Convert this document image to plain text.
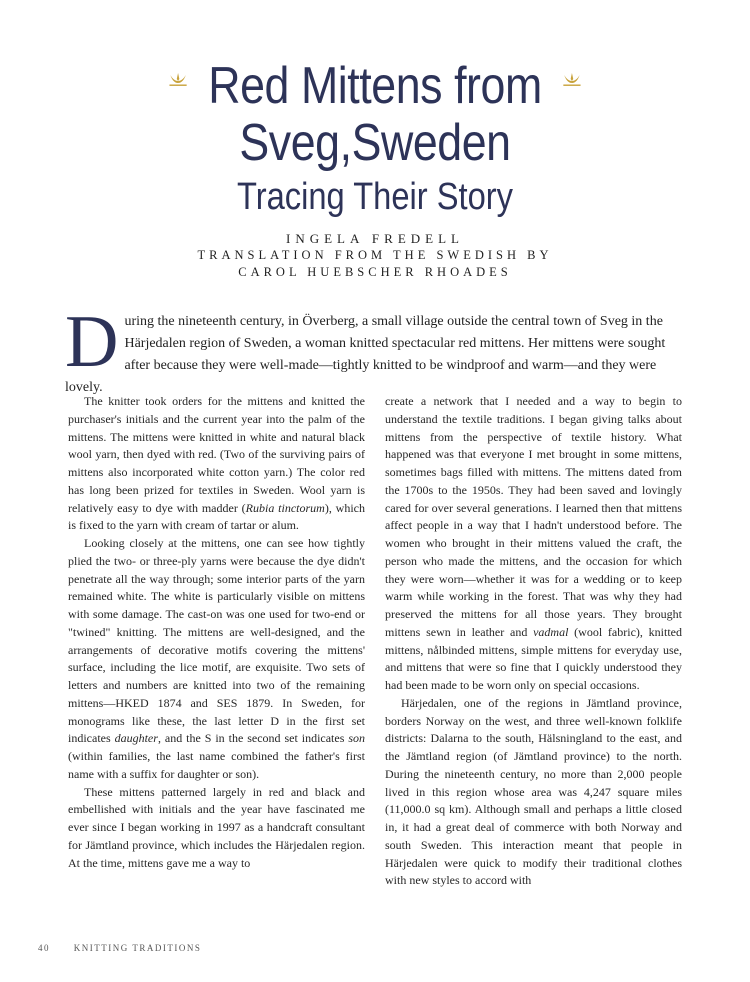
Red Mittens from
Sveg,Sweden
Tracing Their Story
INGELA FREDELL
TRANSLATION FROM THE SWEDISH BY
CAROL HUEBSCHER RHOADES
D uring the nineteenth century, in Överberg, a small village outside the central town of Sveg in the Härjedalen region of Sweden, a woman knitted spectacular red mittens. Her mittens were sought after because they were well-made—tightly knitted to be windproof and warm—and they were lovely.

The knitter took orders for the mittens and knitted the purchaser's initials and the current year into the palm of the mittens. The mittens were knitted in white and natural black wool yarn, then dyed with red. (Two of the surviving pairs of mittens also incorporated white cotton yarn.) The color red has long been prized for textiles in Sweden. Wool yarn is relatively easy to dye with madder (Rubia tinctorum), which is fixed to the yarn with cream of tartar or alum.

Looking closely at the mittens, one can see how tightly plied the two- or three-ply yarns were because the dye didn't penetrate all the way through; some interior parts of the yarn remained white. The white is particularly visible on mittens with some damage. The cast-on was one used for two-end or "twined" knitting. The mittens are well-designed, and the arrangements of decorative motifs covering the mittens' surface, including the lice motif, are exquisite. Two sets of letters and numbers are knitted into two of the remaining mittens—HKED 1874 and SES 1879. In Sweden, for monograms like these, the last letter D in the first set indicates daughter, and the S in the second set indicates son (within families, the last name combined the father's first name with a suffix for daughter or son).

These mittens patterned largely in red and black and embellished with initials and the year have fascinated me ever since I began working in 1997 as a handcraft consultant for Jämtland province, which includes the Härjedalen region. At the time, mittens gave me a way to

create a network that I needed and a way to begin to understand the textile traditions. I began giving talks about mittens from the perspective of textile history. What happened was that everyone I met brought in some mittens, sometimes bags filled with mittens. The mittens dated from the 1700s to the 1950s. They had been saved and lovingly cared for over several generations. I learned then that mittens affect people in a way that I hadn't understood before. The women who brought in their mittens valued the craft, the person who made the mittens, and the occasion for which they were worn—whether it was for a wedding or to keep warm while working in the forest. That was why they had preserved the mittens for all those years. They brought mittens sewn in leather and vadmal (wool fabric), knitted mittens, nålbinded mittens, simple mittens for everyday use, and mittens that were so fine that I quickly understood they had been made to be worn only on special occasions.

Härjedalen, one of the regions in Jämtland province, borders Norway on the west, and three well-known folklife districts: Dalarna to the south, Hälsningland to the east, and the Jämtland region (of Jämtland province) to the north. During the nineteenth century, no more than 2,000 people lived in this region whose area was 4,247 square miles (11,000.0 sq km). Although small and perhaps a little closed in, it had a great deal of commerce with both Norway and south Sweden. This interaction meant that people in Härjedalen were quick to modify their traditional clothes with new styles to accord with

40	KNITTING TRADITIONS
